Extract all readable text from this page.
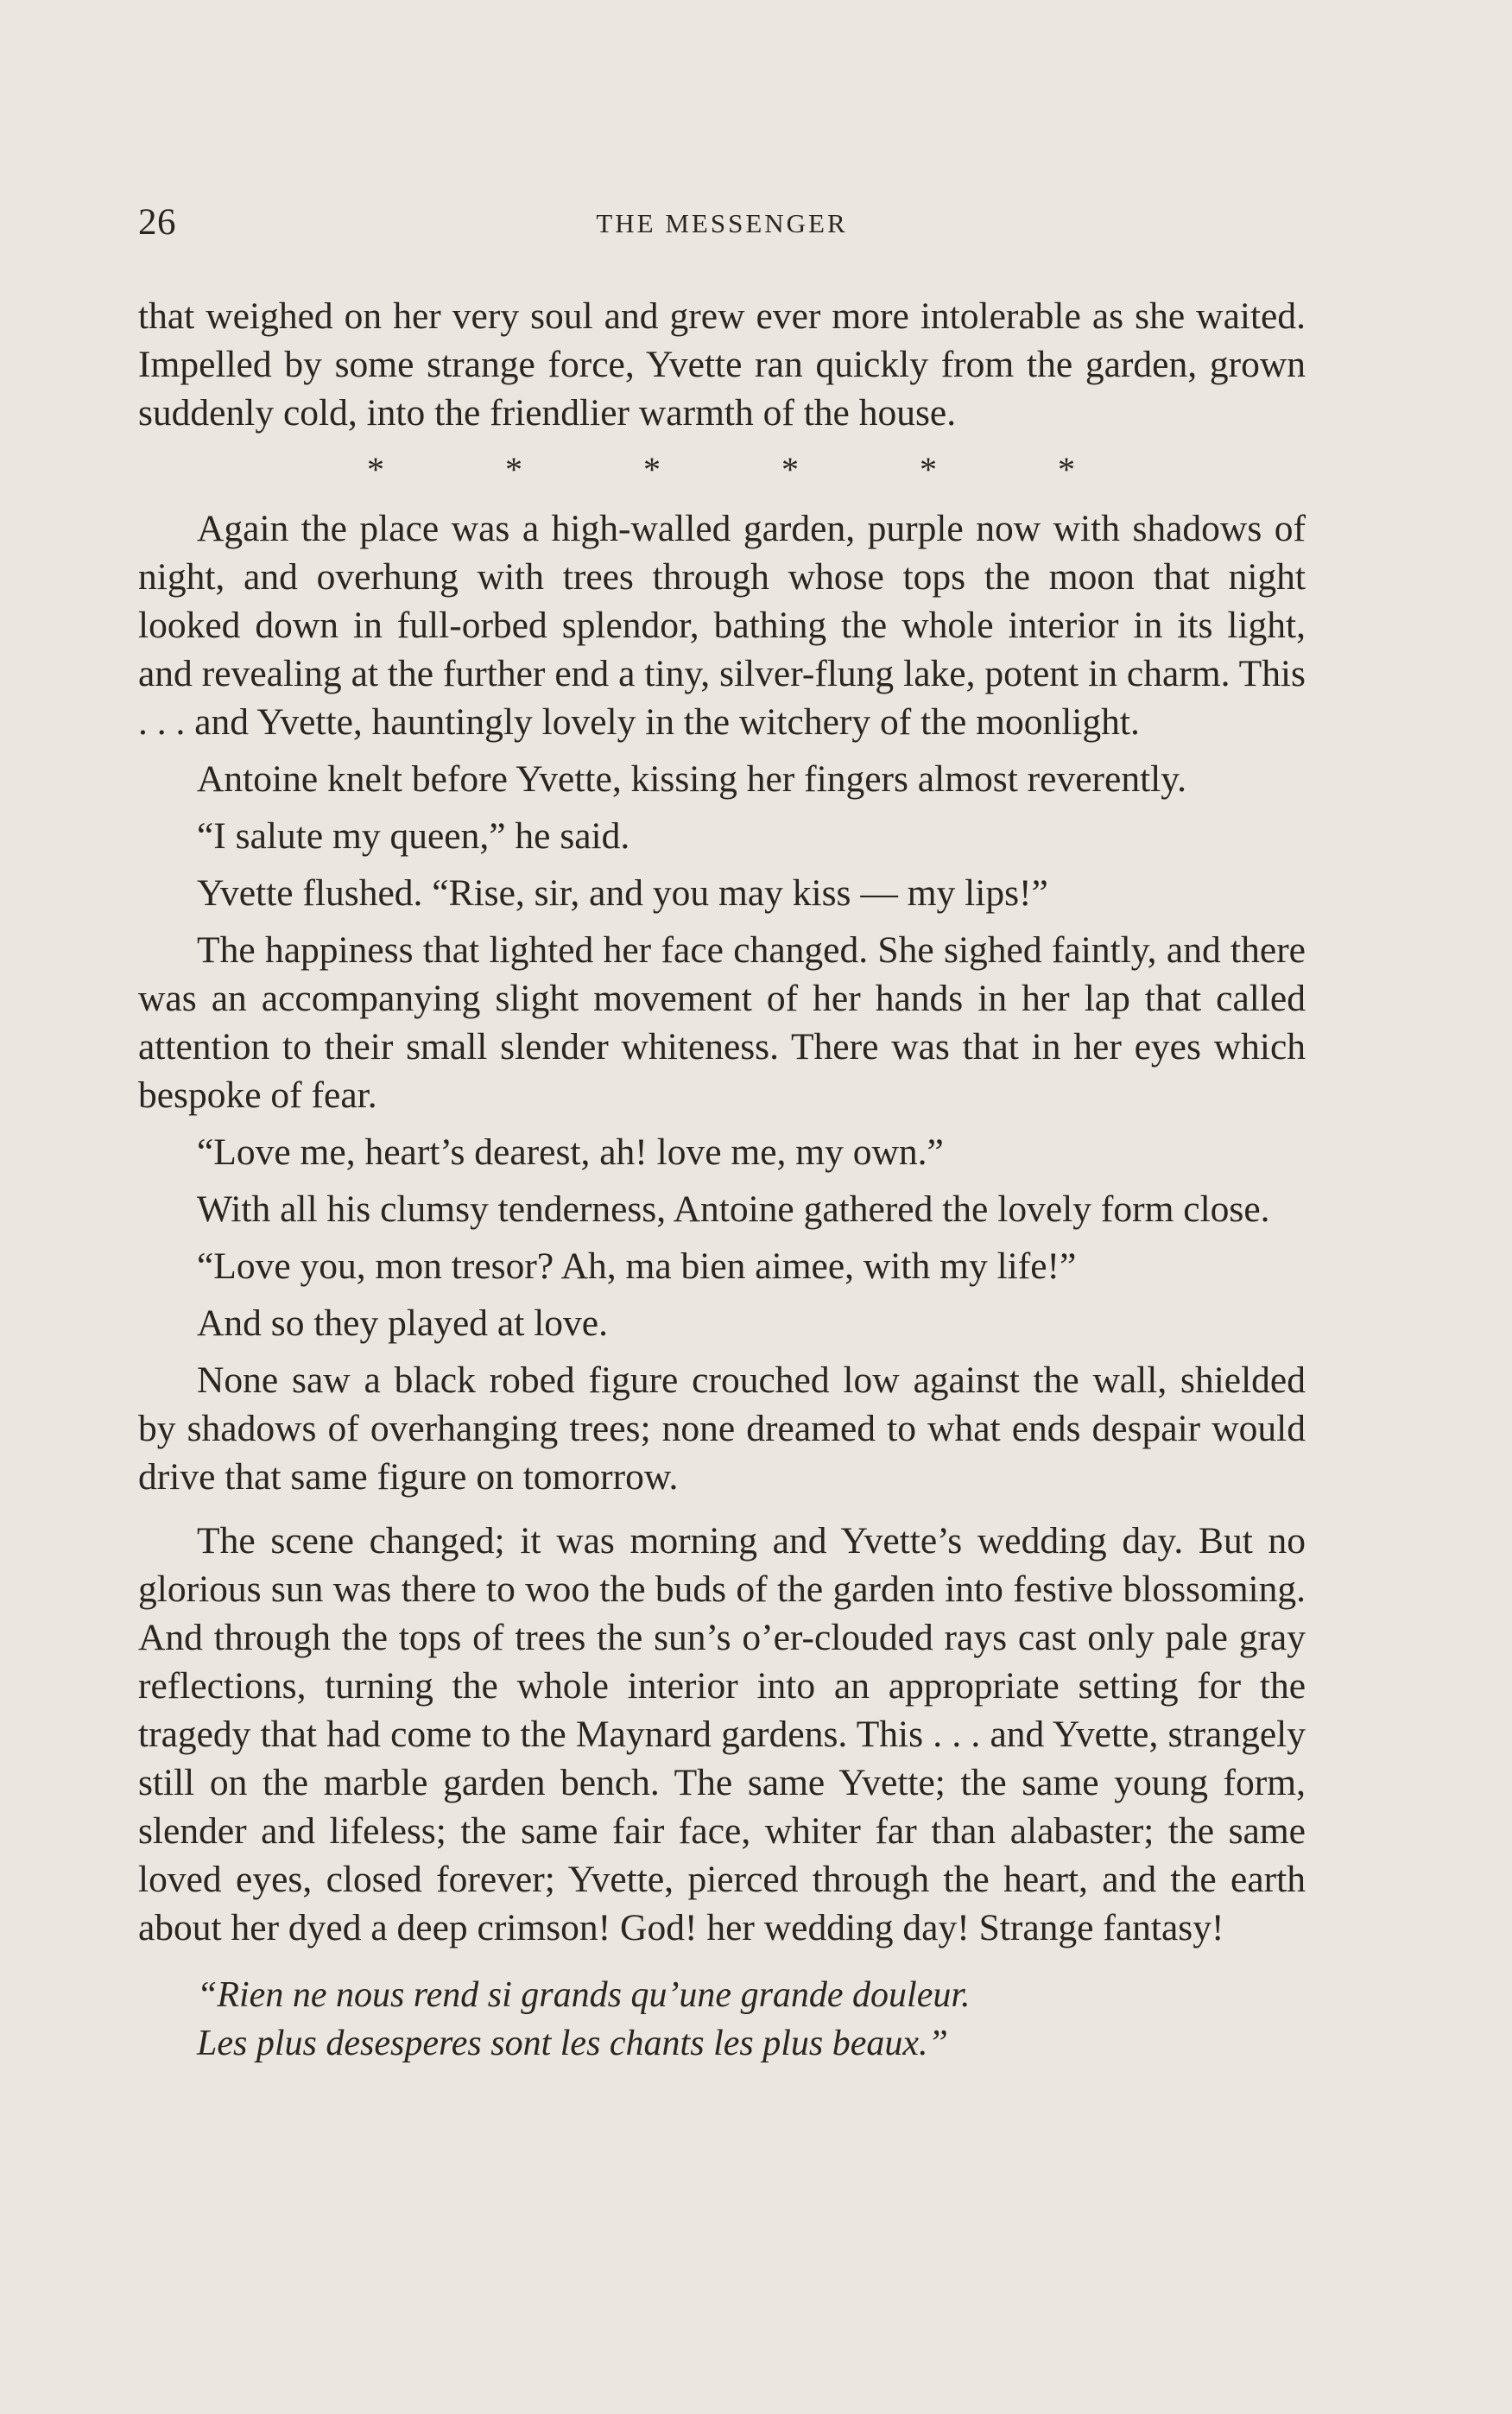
26	THE MESSENGER

that weighed on her very soul and grew ever more intolerable as she waited. Impelled by some strange force, Yvette ran quickly from the garden, grown suddenly cold, into the friendlier warmth of the house.

*	*	*	*	*	*

Again the place was a high-walled garden, purple now with shadows of night, and overhung with trees through whose tops the moon that night looked down in full-orbed splendor, bathing the whole interior in its light, and revealing at the further end a tiny, silver-flung lake, potent in charm. This . . . and Yvette, hauntingly lovely in the witchery of the moonlight.

Antoine knelt before Yvette, kissing her fingers almost reverently.

“I salute my queen,” he said.

Yvette flushed. “Rise, sir, and you may kiss — my lips!”

The happiness that lighted her face changed. She sighed faintly, and there was an accompanying slight movement of her hands in her lap that called attention to their small slender whiteness. There was that in her eyes which bespoke of fear.

“Love me, heart’s dearest, ah! love me, my own.”

With all his clumsy tenderness, Antoine gathered the lovely form close.

“Love you, mon tresor? Ah, ma bien aimee, with my life!”

And so they played at love.

None saw a black robed figure crouched low against the wall, shielded by shadows of overhanging trees; none dreamed to what ends despair would drive that same figure on tomorrow.

The scene changed; it was morning and Yvette’s wedding day. But no glorious sun was there to woo the buds of the garden into festive blossoming. And through the tops of trees the sun’s o’er-clouded rays cast only pale gray reflections, turning the whole interior into an appropriate setting for the tragedy that had come to the Maynard gardens. This . . . and Yvette, strangely still on the marble garden bench. The same Yvette; the same young form, slender and lifeless; the same fair face, whiter far than alabaster; the same loved eyes, closed forever; Yvette, pierced through the heart, and the earth about her dyed a deep crimson! God! her wedding day! Strange fantasy!

“Rien ne nous rend si grands qu’une grande douleur.
Les plus desesperes sont les chants les plus beaux.”
